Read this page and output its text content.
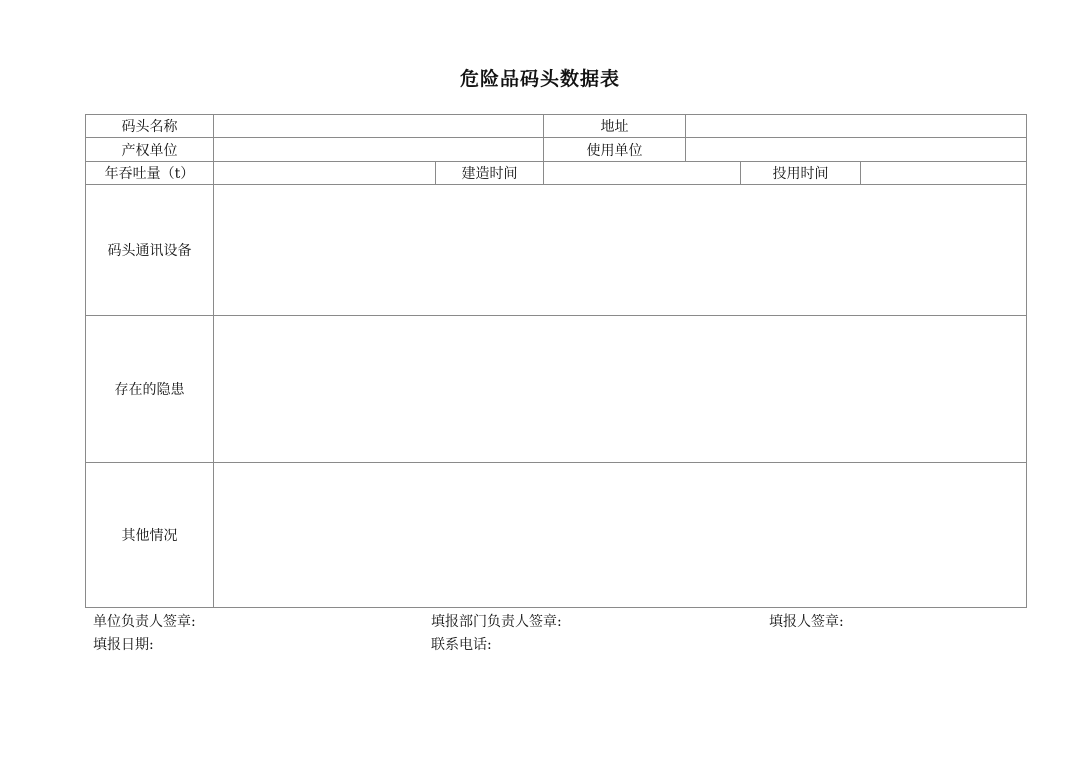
危险品码头数据表
码头名称	地址
产权单位	使用单位
年吞吐量（t）	建造时间	投用时间
码头通讯设备
存在的隐患
其他情况
单位负责人签章:	填报部门负责人签章:	填报人签章:
填报日期:	联系电话:
